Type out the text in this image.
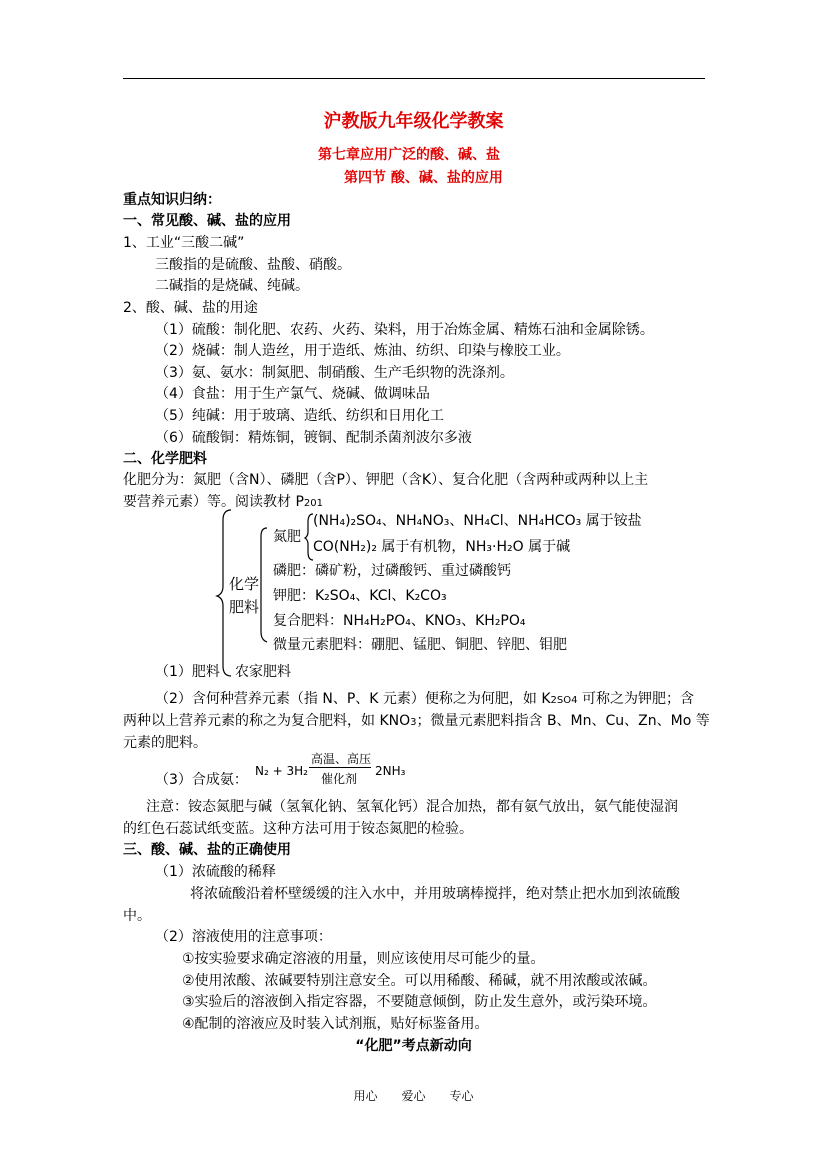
沪教版九年级化学教案
第七章应用广泛的酸、碱、盐
第四节 酸、碱、盐的应用
重点知识归纳：
一、常见酸、碱、盐的应用
1、工业“三酸二碱”
三酸指的是硫酸、盐酸、硝酸。
二碱指的是烧碱、纯碱。
2、酸、碱、盐的用途
（1）硫酸：制化肥、农药、火药、染料，用于冶炼金属、精炼石油和金属除锈。
（2）烧碱：制人造丝，用于造纸、炼油、纺织、印染与橡胶工业。
（3）氨、氨水：制氮肥、制硝酸、生产毛织物的洗涤剂。
（4）食盐：用于生产氯气、烧碱、做调味品
（5）纯碱：用于玻璃、造纸、纺织和日用化工
（6）硫酸铜：精炼铜，镀铜、配制杀菌剂波尔多液
二、化学肥料
化肥分为：氮肥（含N）、磷肥（含P）、钾肥（含K）、复合化肥（含两种或两种以上主
要营养元素）等。阅读教材 P201
化学
肥料
氮肥
(NH₄)₂SO₄、NH₄NO₃、NH₄Cl、NH₄HCO₃ 属于铵盐
CO(NH₂)₂ 属于有机物，NH₃·H₂O 属于碱
磷肥：磷矿粉，过磷酸钙、重过磷酸钙
钾肥：K₂SO₄、KCl、K₂CO₃
复合肥料：NH₄H₂PO₄、KNO₃、KH₂PO₄
微量元素肥料：硼肥、锰肥、铜肥、锌肥、钼肥
农家肥料
（1）肥料
（2）含何种营养元素（指 N、P、K 元素）便称之为何肥，如 K2SO4 可称之为钾肥；含
两种以上营养元素的称之为复合肥料，如 KNO3；微量元素肥料指含 B、Mn、Cu、Zn、Mo 等
元素的肥料。
（3）合成氨：
N₂ + 3H₂
高温、高压
催化剂
2NH₃
注意：铵态氮肥与碱（氢氧化钠、氢氧化钙）混合加热，都有氨气放出，氨气能使湿润
的红色石蕊试纸变蓝。这种方法可用于铵态氮肥的检验。
三、酸、碱、盐的正确使用
（1）浓硫酸的稀释
将浓硫酸沿着杯壁缓缓的注入水中，并用玻璃棒搅拌，绝对禁止把水加到浓硫酸
中。
（2）溶液使用的注意事项：
①按实验要求确定溶液的用量，则应该使用尽可能少的量。
②使用浓酸、浓碱要特别注意安全。可以用稀酸、稀碱，就不用浓酸或浓碱。
③实验后的溶液倒入指定容器，不要随意倾倒，防止发生意外，或污染环境。
④配制的溶液应及时装入试剂瓶，贴好标鉴备用。
“化肥”考点新动向
用心　　爱心　　专心
